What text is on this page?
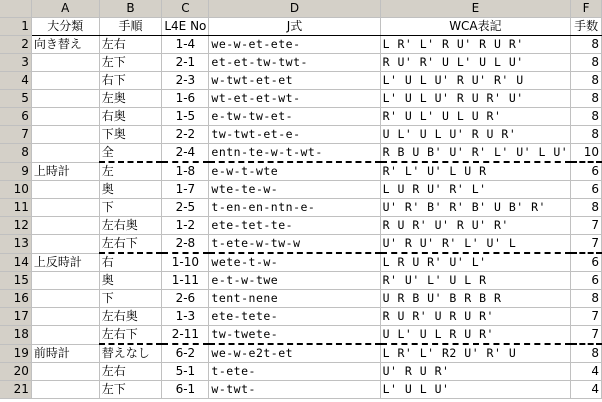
	A	B	C	D	E	F
1	大分類	手順	L4E No	J式	WCA表記	手数
2	向き替え	左右	1-4	we-w-et-ete-	L R' L' R U' R U R'	8
3		左下	2-1	et-et-tw-twt-	R U' R' U L' U L U'	8
4		右下	2-3	w-twt-et-et	L' U L U' R U' R' U	8
5		左奥	1-6	wt-et-et-wt-	L' U L U' R U R' U'	8
6		右奥	1-5	e-tw-tw-et-	R' U L' U L U R'	8
7		下奥	2-2	tw-twt-et-e-	U L' U L U' R U R'	8
8		全	2-4	entn-te-w-t-wt-	R B U B' U' R' L' U' L U'	10
9	上時計	左	1-8	e-w-t-wte	R' L' U' L U R	6
10		奥	1-7	wte-te-w-	L U R U' R' L'	6
11		下	2-5	t-en-en-ntn-e-	U' R' B' R' B' U B' R'	8
12		左右奥	1-2	ete-tet-te-	R U R' U' R U' R'	7
13		左右下	2-8	t-ete-w-tw-w	U' R U' R' L' U' L	7
14	上反時計	右	1-10	wete-t-w-	L R U R' U' L'	6
15		奥	1-11	e-t-w-twe	R' U' L' U L R	6
16		下	2-6	tent-nene	U R B U' B R B R	8
17		左右奥	1-3	ete-tete-	R U R' U R U R'	7
18		左右下	2-11	tw-twete-	U L' U L R U R'	7
19	前時計	替えなし	6-2	we-w-e2t-et	L R' L' R2 U' R' U	8
20		左右	5-1	t-ete-	U' R U R'	4
21		左下	6-1	w-twt-	L' U L U'	4
